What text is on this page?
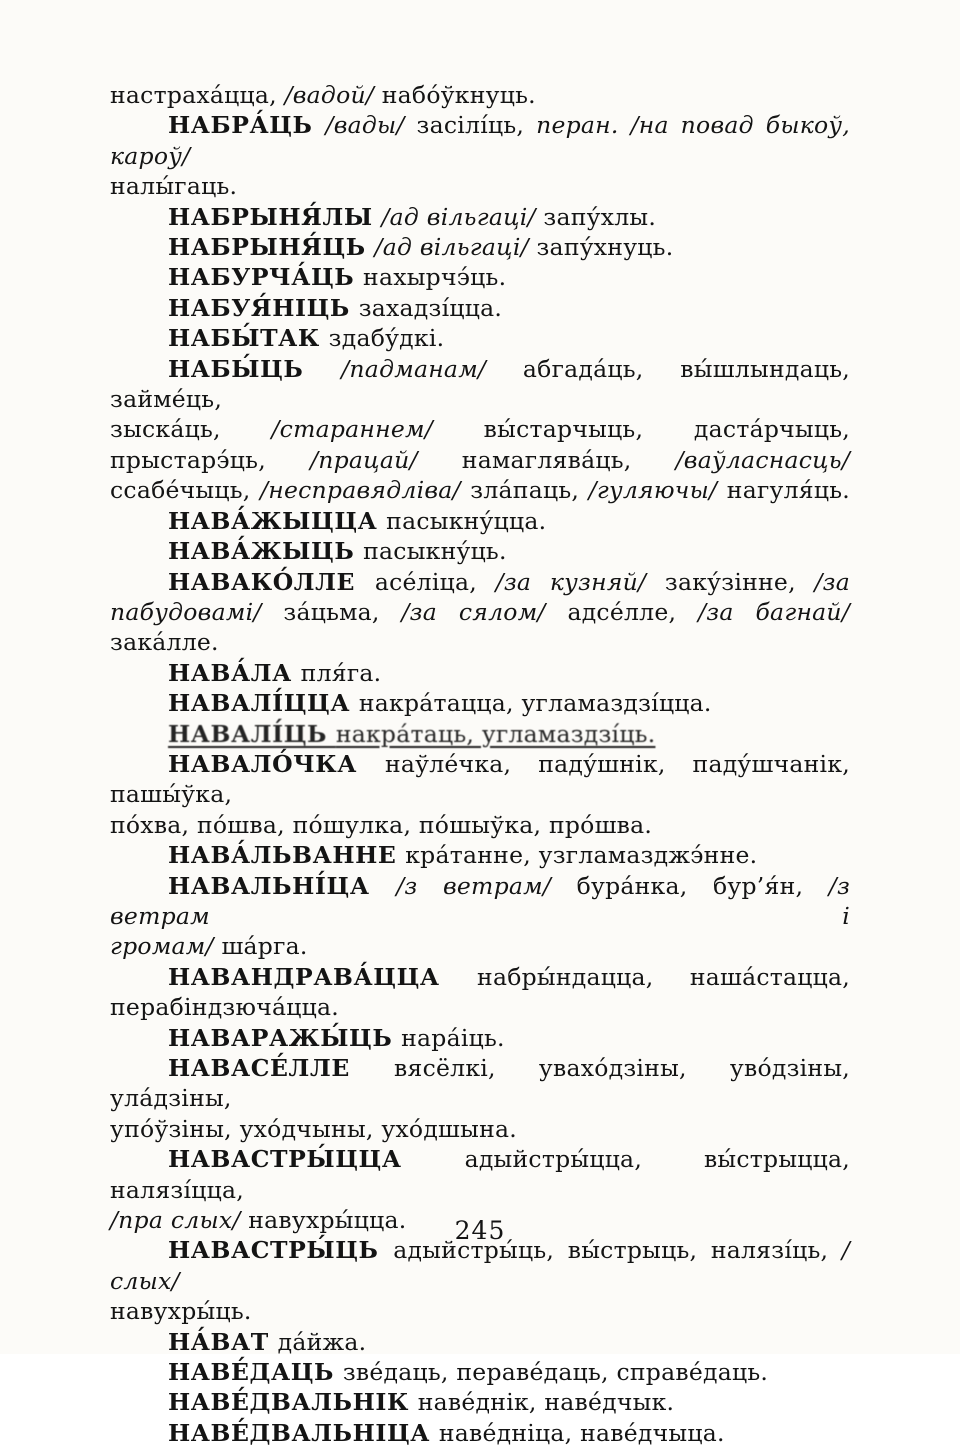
настраха́цца, /вадой/ набо́ўкнуць.
НАБРА́ЦЬ /вады/ засілі́ць, перан. /на повад быкоў, кароў/
налы́гаць.
НАБРЫНЯ́ЛЫ /ад вільгаці/ запу́хлы.
НАБРЫНЯ́ЦЬ /ад вільгаці/ запу́хнуць.
НАБУРЧА́ЦЬ нахырчэ́ць.
НАБУЯ́НІЦЬ захадзі́цца.
НАБЫ́ТАК здабу́дкі.
НАБЫ́ЦЬ /падманам/ абгада́ць, вы́шлындаць, займе́ць,
зыска́ць, /стараннем/ вы́старчыць, даста́рчыць,
прыстарэ́ць, /працай/ намаглява́ць, /ваўласнасць/
ссабе́чыць, /несправядліва/ зла́паць, /гуляючы/ нагуля́ць.
НАВА́ЖЫЦЦА пасыкну́цца.
НАВА́ЖЫЦЬ пасыкну́ць.
НАВАКО́ЛЛЕ асе́ліца, /за кузняй/ заку́зінне, /за
пабудовамі/ за́цьма, /за сялом/ адсе́лле, /за багнай/ зака́лле.
НАВА́ЛА пля́га.
НАВАЛІ́ЦЦА накра́тацца, угламаздзі́цца.
НАВАЛІ́ЦЬ накра́таць, угламаздзі́ць.
НАВАЛО́ЧКА наўле́чка, паду́шнік, паду́шчанік, пашы́ўка,
по́хва, по́шва, по́шулка, по́шыўка, про́шва.
НАВА́ЛЬВАННЕ кра́танне, узгламазджэ́нне.
НАВАЛЬНІ́ЦА /з ветрам/ бура́нка, бур’я́н, /з ветрам і
громам/ ша́рга.
НАВАНДРАВА́ЦЦА набры́ндацца, наша́стацца,
перабіндзюча́цца.
НАВАРАЖЫ́ЦЬ нара́іць.
НАВАСЕ́ЛЛЕ вясёлкі, увахо́дзіны, уво́дзіны, ула́дзіны,
упо́ўзіны, ухо́дчыны, ухо́дшына.
НАВАСТРЫ́ЦЦА адыйстры́цца, вы́стрыцца, налязі́цца,
/пра слых/ навухры́цца.
НАВАСТРЫ́ЦЬ адыйстры́ць, вы́стрыць, налязі́ць, /слых/
навухры́ць.
НА́ВАТ да́йжа.
НАВЕ́ДАЦЬ зве́даць, пераве́даць, справе́даць.
НАВЕ́ДВАЛЬНІК наве́днік, наве́дчык.
НАВЕ́ДВАЛЬНІЦА наве́дніца, наве́дчыца.
245
